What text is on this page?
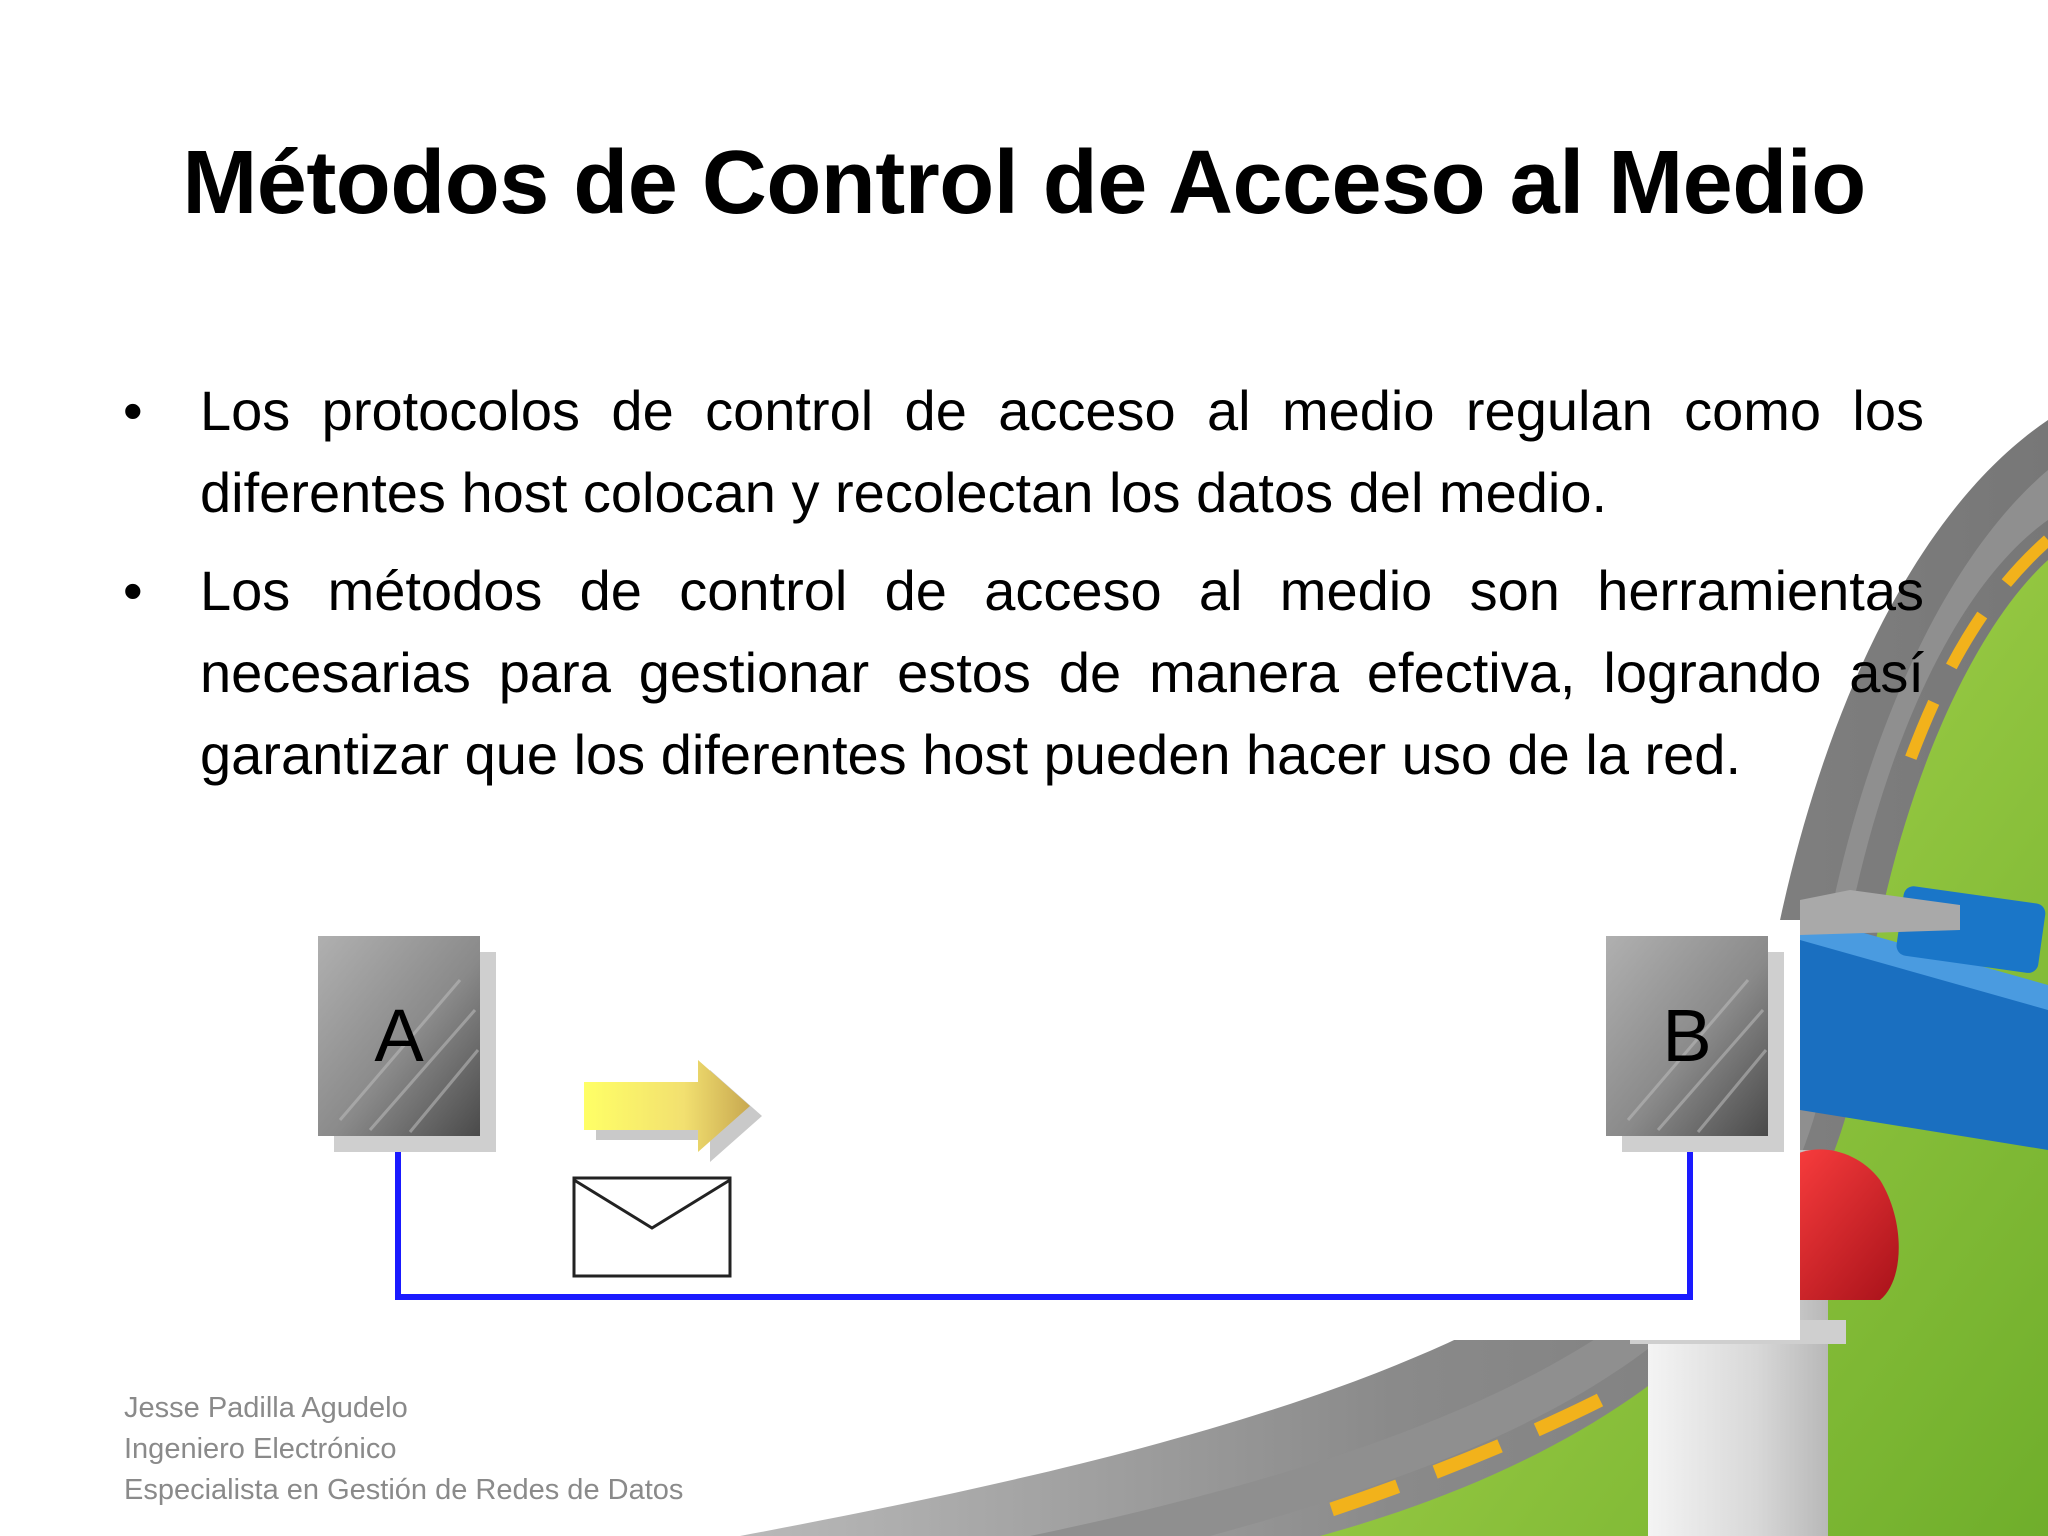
Métodos de Control de Acceso al Medio
• Los protocolos de control de acceso al medio regulan como los diferentes host colocan y recolectan los datos del medio.
• Los métodos de control de acceso al medio son herramientas necesarias para gestionar estos de manera efectiva, logrando así garantizar que los diferentes host pueden hacer uso de la red.
A	B
Jesse Padilla Agudelo
Ingeniero Electrónico
Especialista en Gestión de Redes de Datos
